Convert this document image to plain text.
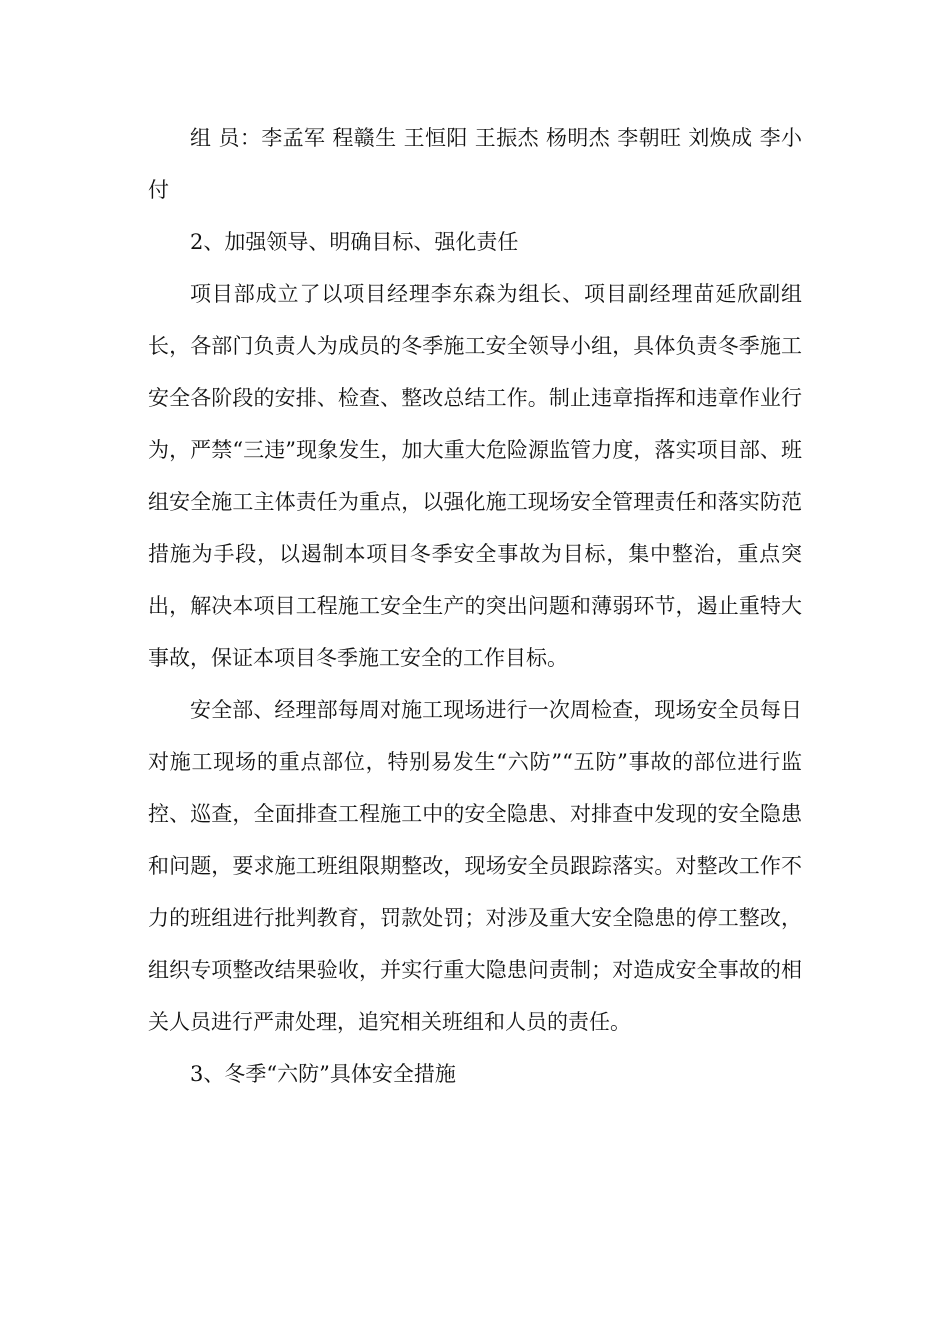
组 员：李孟军 程赣生 王恒阳 王振杰 杨明杰 李朝旺 刘焕成 李小付

2、加强领导、明确目标、强化责任

项目部成立了以项目经理李东森为组长、项目副经理苗延欣副组长，各部门负责人为成员的冬季施工安全领导小组，具体负责冬季施工安全各阶段的安排、检查、整改总结工作。制止违章指挥和违章作业行为，严禁“三违”现象发生，加大重大危险源监管力度，落实项目部、班组安全施工主体责任为重点，以强化施工现场安全管理责任和落实防范措施为手段，以遏制本项目冬季安全事故为目标，集中整治，重点突出，解决本项目工程施工安全生产的突出问题和薄弱环节，遏止重特大事故，保证本项目冬季施工安全的工作目标。

安全部、经理部每周对施工现场进行一次周检查，现场安全员每日对施工现场的重点部位，特别易发生“六防”“五防”事故的部位进行监控、巡查，全面排查工程施工中的安全隐患、对排查中发现的安全隐患和问题，要求施工班组限期整改，现场安全员跟踪落实。对整改工作不力的班组进行批判教育，罚款处罚；对涉及重大安全隐患的停工整改，组织专项整改结果验收，并实行重大隐患问责制；对造成安全事故的相关人员进行严肃处理，追究相关班组和人员的责任。

3、冬季“六防”具体安全措施
